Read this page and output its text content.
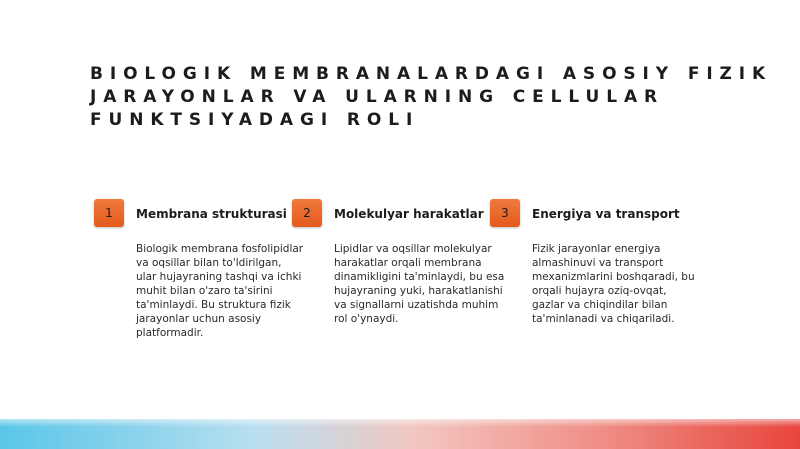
BIOLOGIK MEMBRANALARDAGI ASOSIY FIZIK
JARAYONLAR VA ULARNING CELLULAR
FUNKTSIYADAGI ROLI
1	Membrana strukturasi
Biologik membrana fosfolipidlar va oqsillar bilan to'ldirilgan, ular hujayraning tashqi va ichki muhit bilan o'zaro ta'sirini ta'minlaydi. Bu struktura fizik jarayonlar uchun asosiy platformadir.
2	Molekulyar harakatlar
Lipidlar va oqsillar molekulyar harakatlar orqali membrana dinamikligini ta'minlaydi, bu esa hujayraning yuki, harakatlanishi va signallarni uzatishda muhim rol o'ynaydi.
3	Energiya va transport
Fizik jarayonlar energiya almashinuvi va transport mexanizmlarini boshqaradi, bu orqali hujayra oziq-ovqat, gazlar va chiqindilar bilan ta'minlanadi va chiqariladi.
